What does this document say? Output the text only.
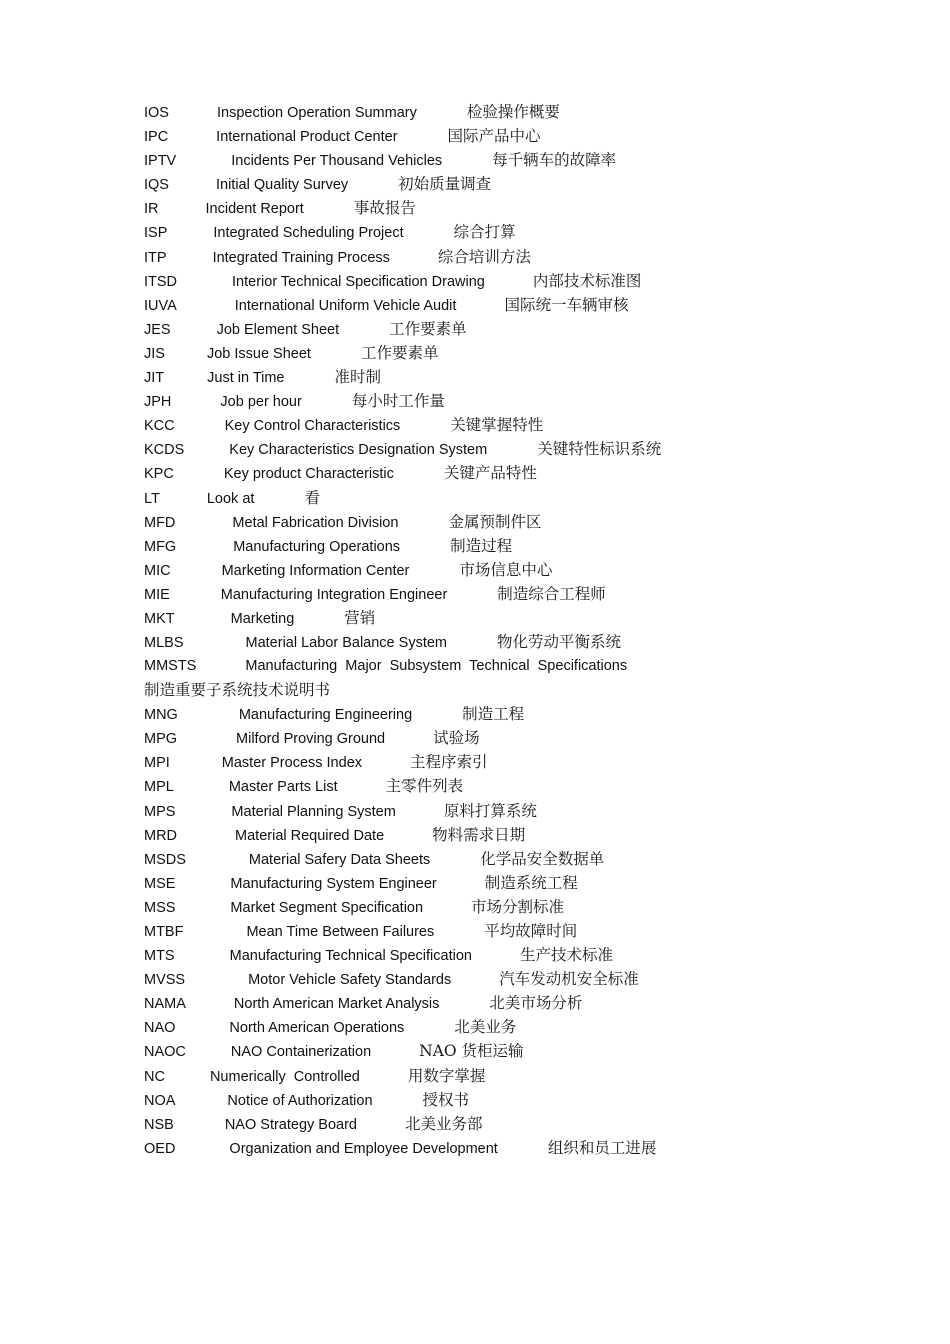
IOS	Inspection Operation Summary	检验操作概要
IPC	International Product Center	国际产品中心
IPTV	Incidents Per Thousand Vehicles	每千辆车的故障率
IQS	Initial Quality Survey	初始质量调查
IR	Incident Report	事故报告
ISP	Integrated Scheduling Project	综合打算
ITP	Integrated Training Process	综合培训方法
ITSD	Interior Technical Specification Drawing	内部技术标准图
IUVA	International Uniform Vehicle Audit	国际统一车辆审核
JES	Job Element Sheet	工作要素单
JIS	Job Issue Sheet	工作要素单
JIT	Just in Time	准时制
JPH	Job per hour	每小时工作量
KCC	Key Control Characteristics	关键掌握特性
KCDS	Key Characteristics Designation System	关键特性标识系统
KPC	Key product Characteristic	关键产品特性
LT	Look at	看
MFD	Metal Fabrication Division	金属预制件区
MFG	Manufacturing Operations	制造过程
MIC	Marketing Information Center	市场信息中心
MIE	Manufacturing Integration Engineer	制造综合工程师
MKT	Marketing	营销
MLBS	Material Labor Balance System	物化劳动平衡系统
MMSTS	Manufacturing  Major  Subsystem  Technical  Specifications
制造重要子系统技术说明书
MNG	Manufacturing Engineering	制造工程
MPG	Milford Proving Ground	试验场
MPI	Master Process Index	主程序索引
MPL	Master Parts List	主零件列表
MPS	Material Planning System	原料打算系统
MRD	Material Required Date	物料需求日期
MSDS	Material Safery Data Sheets	化学品安全数据单
MSE	Manufacturing System Engineer	制造系统工程
MSS	Market Segment Specification	市场分割标准
MTBF	Mean Time Between Failures	平均故障时间
MTS	Manufacturing Technical Specification	生产技术标准
MVSS	Motor Vehicle Safety Standards	汽车发动机安全标准
NAMA	North American Market Analysis	北美市场分析
NAO	North American Operations	北美业务
NAOC	NAO Containerization	NAO 货柜运输
NC	Numerically  Controlled	用数字掌握
NOA	Notice of Authorization	授权书
NSB	NAO Strategy Board	北美业务部
OED	Organization and Employee Development	组织和员工进展
